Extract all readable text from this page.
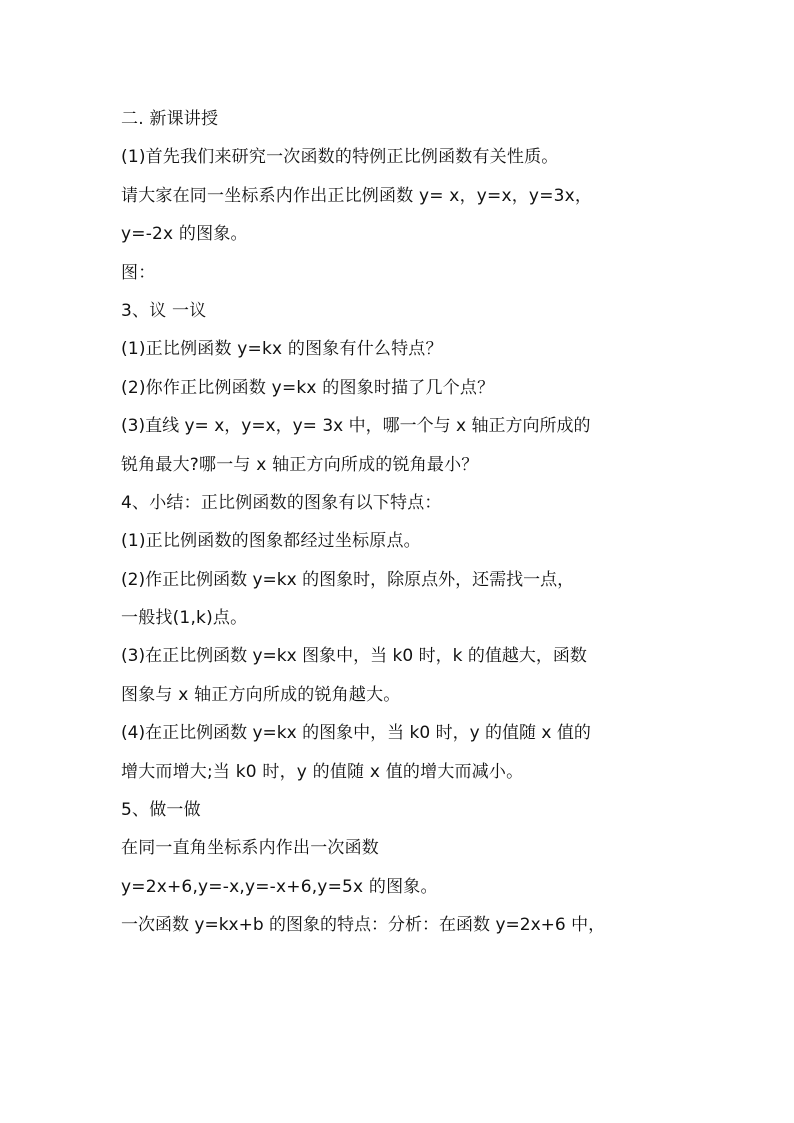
二. 新课讲授
(1)首先我们来研究一次函数的特例正比例函数有关性质。
请大家在同一坐标系内作出正比例函数 y= x，y=x，y=3x，
y=-2x 的图象。
图：
3、议 一议
(1)正比例函数 y=kx 的图象有什么特点？
(2)你作正比例函数 y=kx 的图象时描了几个点？
(3)直线 y= x，y=x，y= 3x 中，哪一个与 x 轴正方向所成的
锐角最大?哪一与 x 轴正方向所成的锐角最小？
4、小结：正比例函数的图象有以下特点：
(1)正比例函数的图象都经过坐标原点。
(2)作正比例函数 y=kx 的图象时，除原点外，还需找一点，
一般找(1,k)点。
(3)在正比例函数 y=kx 图象中，当 k0 时，k 的值越大，函数
图象与 x 轴正方向所成的锐角越大。
(4)在正比例函数 y=kx 的图象中，当 k0 时，y 的值随 x 值的
增大而增大;当 k0 时，y 的值随 x 值的增大而减小。
5、做一做
在同一直角坐标系内作出一次函数
y=2x+6,y=-x,y=-x+6,y=5x 的图象。
一次函数 y=kx+b 的图象的特点：分析：在函数 y=2x+6 中，
